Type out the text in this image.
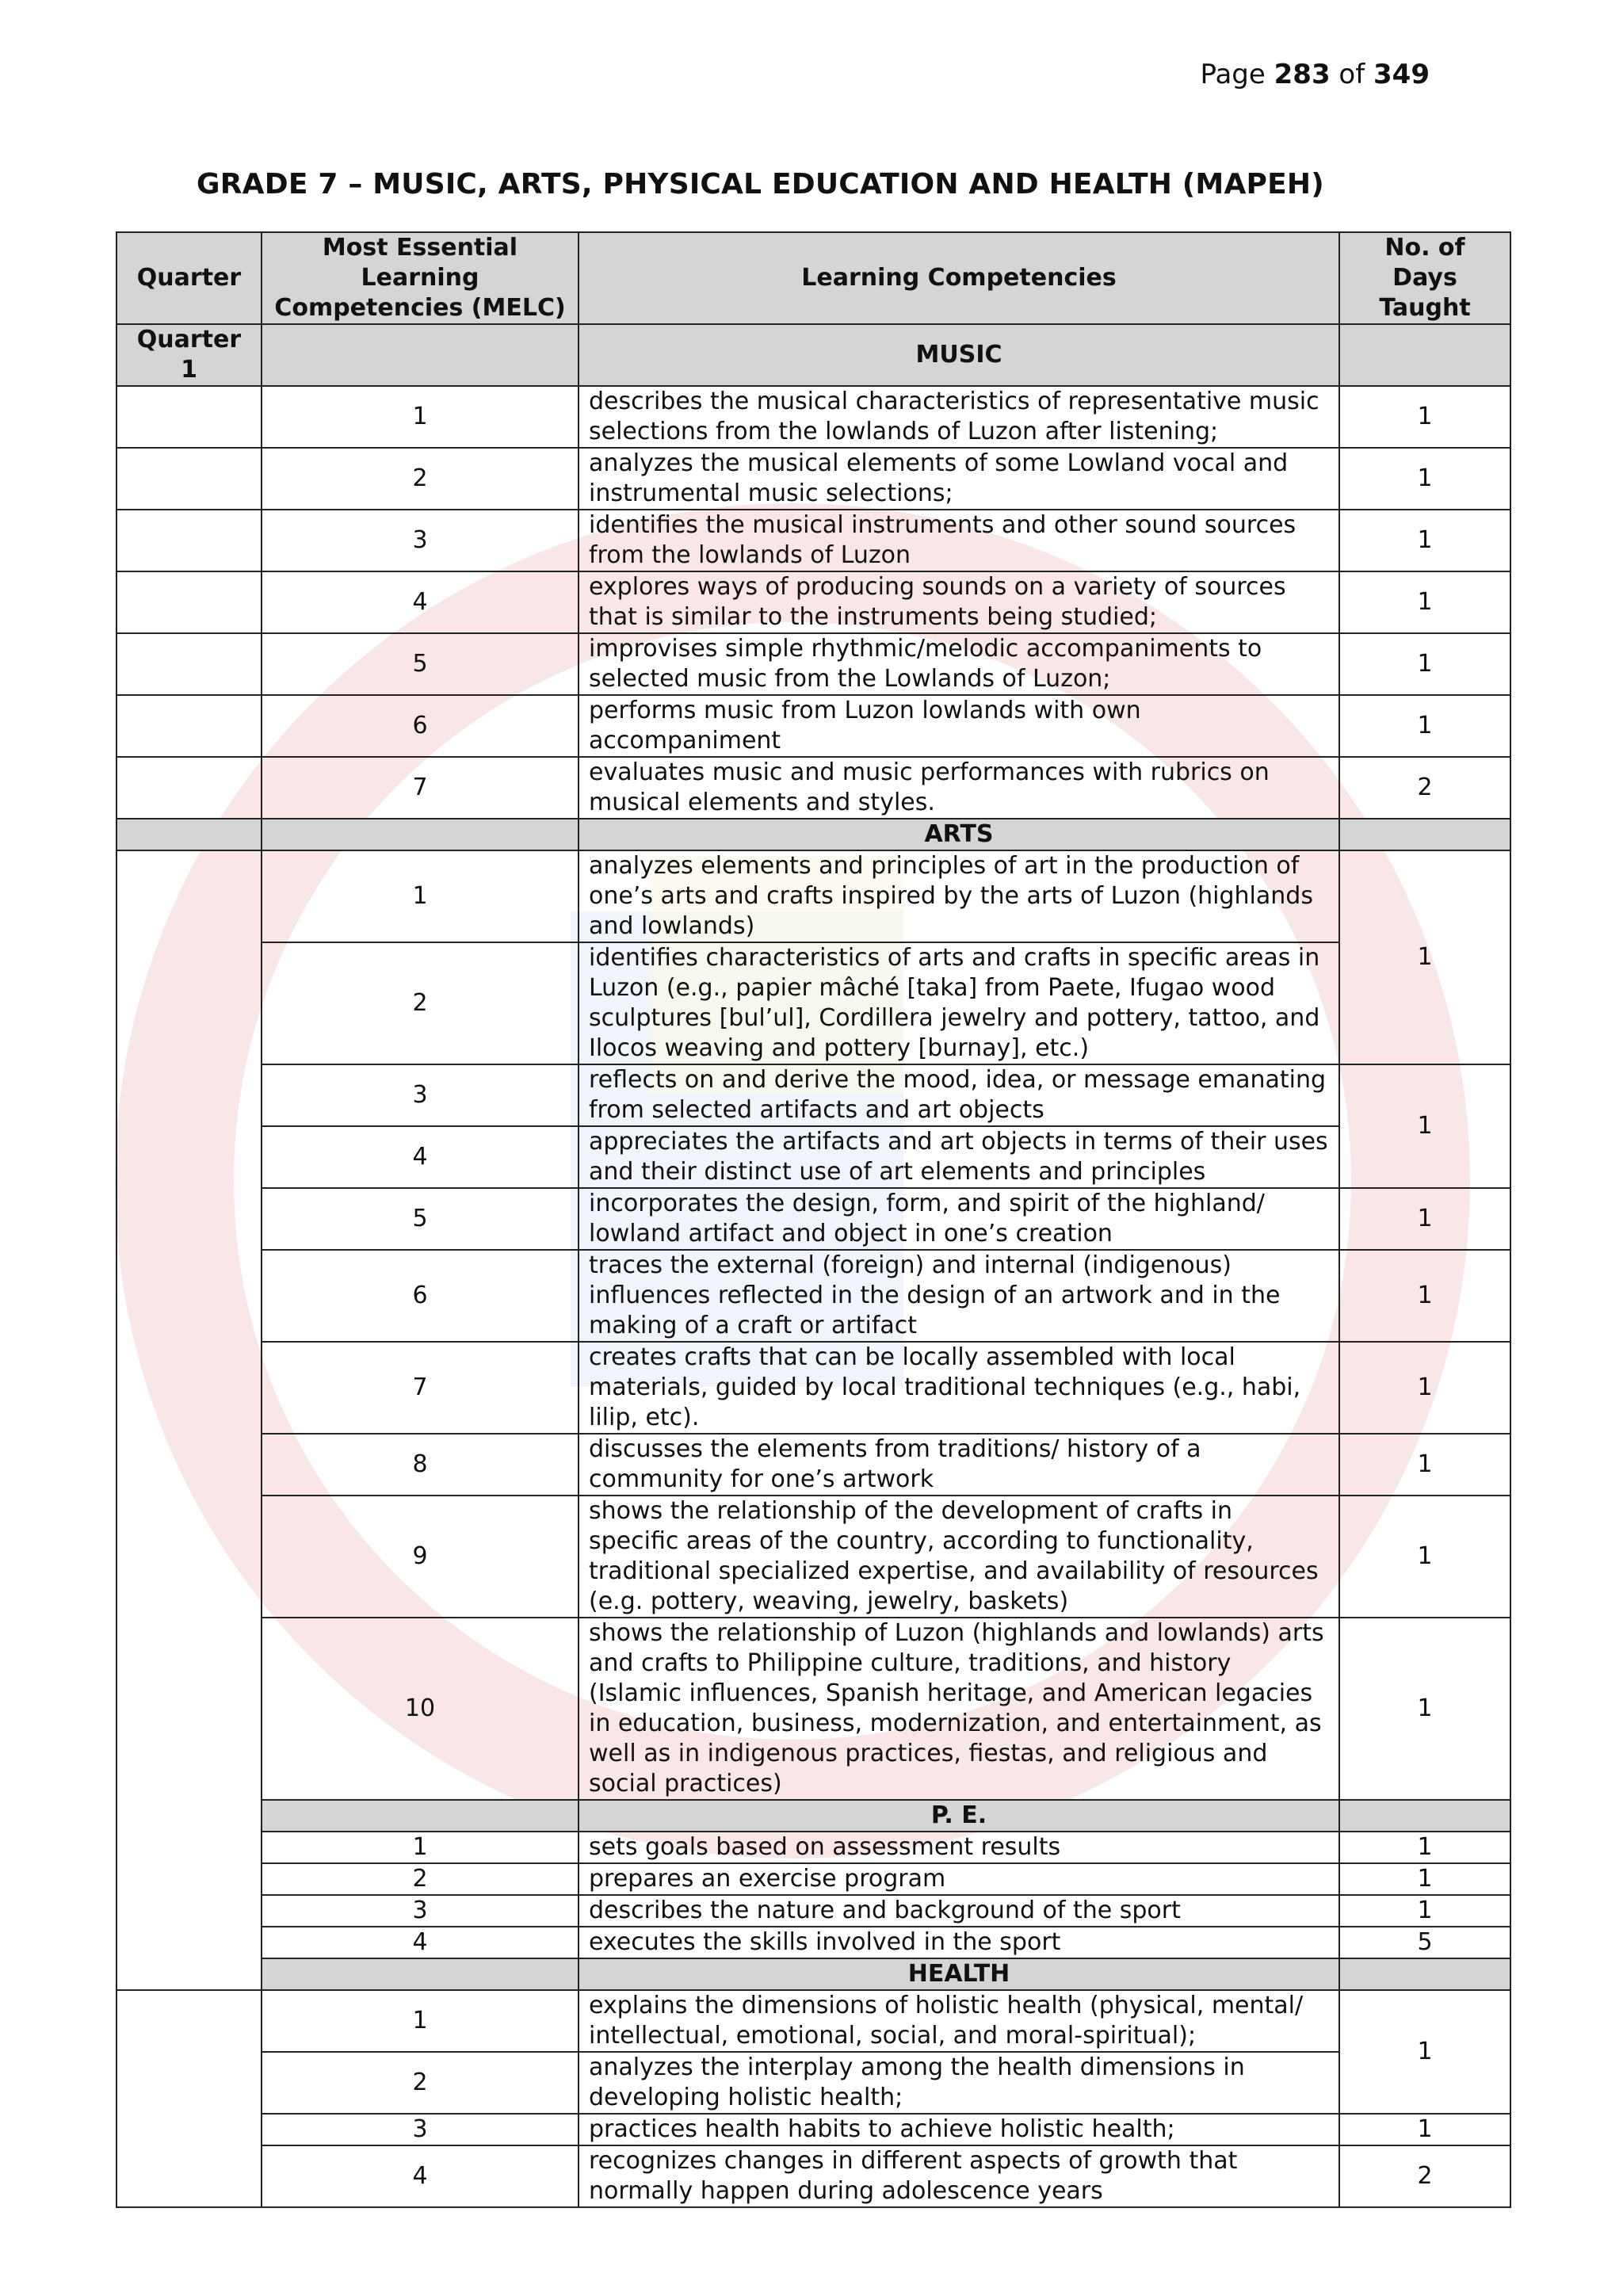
Page 283 of 349
GRADE 7 – MUSIC, ARTS, PHYSICAL EDUCATION AND HEALTH (MAPEH)
Quarter	Most Essential Learning Competencies (MELC)	Learning Competencies	No. of Days Taught
Quarter 1		MUSIC	
	1	describes the musical characteristics of representative music selections from the lowlands of Luzon after listening;	1
	2	analyzes the musical elements of some Lowland vocal and instrumental music selections;	1
	3	identifies the musical instruments and other sound sources from the lowlands of Luzon	1
	4	explores ways of producing sounds on a variety of sources that is similar to the instruments being studied;	1
	5	improvises simple rhythmic/melodic accompaniments to selected music from the Lowlands of Luzon;	1
	6	performs music from Luzon lowlands with own accompaniment	1
	7	evaluates music and music performances with rubrics on musical elements and styles.	2
		ARTS	
	1	analyzes elements and principles of art in the production of one’s arts and crafts inspired by the arts of Luzon (highlands and lowlands)	1
	2	identifies characteristics of arts and crafts in specific areas in Luzon (e.g., papier mâché [taka] from Paete, Ifugao wood sculptures [bul’ul], Cordillera jewelry and pottery, tattoo, and Ilocos weaving and pottery [burnay], etc.)	
	3	reflects on and derive the mood, idea, or message emanating from selected artifacts and art objects	1
	4	appreciates the artifacts and art objects in terms of their uses and their distinct use of art elements and principles	
	5	incorporates the design, form, and spirit of the highland/ lowland artifact and object in one’s creation	1
	6	traces the external (foreign) and internal (indigenous) influences reflected in the design of an artwork and in the making of a craft or artifact	1
	7	creates crafts that can be locally assembled with local materials, guided by local traditional techniques (e.g., habi, lilip, etc).	1
	8	discusses the elements from traditions/ history of a community for one’s artwork	1
	9	shows the relationship of the development of crafts in specific areas of the country, according to functionality, traditional specialized expertise, and availability of resources (e.g. pottery, weaving, jewelry, baskets)	1
	10	shows the relationship of Luzon (highlands and lowlands) arts and crafts to Philippine culture, traditions, and history (Islamic influences, Spanish heritage, and American legacies in education, business, modernization, and entertainment, as well as in indigenous practices, fiestas, and religious and social practices)	1
		P. E.	
	1	sets goals based on assessment results	1
	2	prepares an exercise program	1
	3	describes the nature and background of the sport	1
	4	executes the skills involved in the sport	5
		HEALTH	
	1	explains the dimensions of holistic health (physical, mental/ intellectual, emotional, social, and moral-spiritual);	1
	2	analyzes the interplay among the health dimensions in developing holistic health;	
	3	practices health habits to achieve holistic health;	1
	4	recognizes changes in different aspects of growth that normally happen during adolescence years	2
